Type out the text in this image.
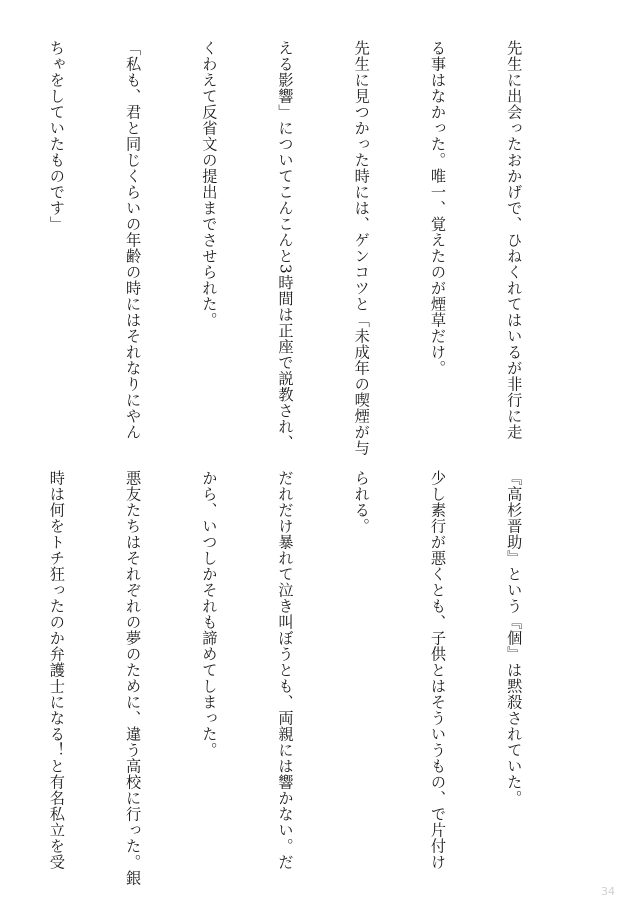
先生に出会ったおかげで、ひねくれてはいるが非行に走

る事はなかった。唯一、覚えたのが煙草だけ。

先生に見つかった時には、ゲンコツと「未成年の喫煙が与

える影響」についてこんこんと3時間は正座で説教され、

くわえて反省文の提出までさせられた。

「私も、君と同じくらいの年齢の時にはそれなりにやん

ちゃをしていたものです」

『高杉晋助』という『個』は黙殺されていた。

少し素行が悪くとも、子供とはそういうもの、で片付け

られる。

だれだけ暴れて泣き叫ぼうとも、両親には響かない。だ

から、いつしかそれも諦めてしまった。

悪友たちはそれぞれの夢のために、違う高校に行った。銀

時は何をトチ狂ったのか弁護士になる！と有名私立を受

34
